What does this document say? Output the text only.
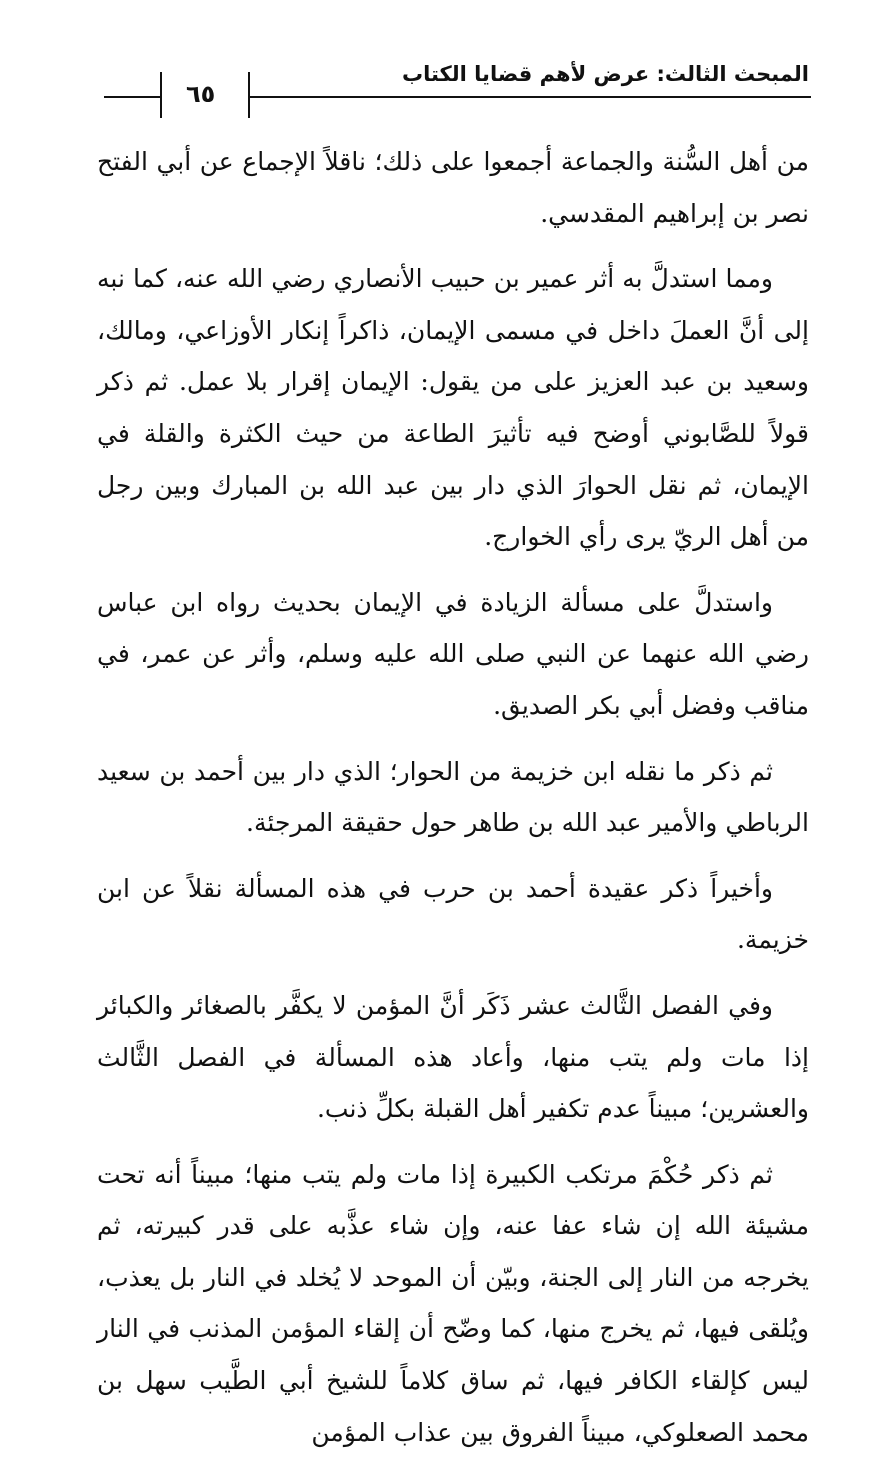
المبحث الثالث: عرض لأهم قضايا الكتاب
٦٥

من أهل السُّنة والجماعة أجمعوا على ذلك؛ ناقلاً الإجماع عن أبي الفتح نصر بن إبراهيم المقدسي.

ومما استدلَّ به أثر عمير بن حبيب الأنصاري رضي الله عنه، كما نبه إلى أنَّ العملَ داخل في مسمى الإيمان، ذاكراً إنكار الأوزاعي، ومالك، وسعيد بن عبد العزيز على من يقول: الإيمان إقرار بلا عمل. ثم ذكر قولاً للصَّابوني أوضح فيه تأثيرَ الطاعة من حيث الكثرة والقلة في الإيمان، ثم نقل الحوارَ الذي دار بين عبد الله بن المبارك وبين رجل من أهل الريّ يرى رأي الخوارج.

واستدلَّ على مسألة الزيادة في الإيمان بحديث رواه ابن عباس رضي الله عنهما عن النبي صلى الله عليه وسلم، وأثر عن عمر، في مناقب وفضل أبي بكر الصديق.

ثم ذكر ما نقله ابن خزيمة من الحوار؛ الذي دار بين أحمد بن سعيد الرباطي والأمير عبد الله بن طاهر حول حقيقة المرجئة.

وأخيراً ذكر عقيدة أحمد بن حرب في هذه المسألة نقلاً عن ابن خزيمة.

وفي الفصل الثَّالث عشر ذَكَر أنَّ المؤمن لا يكفَّر بالصغائر والكبائر إذا مات ولم يتب منها، وأعاد هذه المسألة في الفصل الثَّالث والعشرين؛ مبيناً عدم تكفير أهل القبلة بكلِّ ذنب.

ثم ذكر حُكْمَ مرتكب الكبيرة إذا مات ولم يتب منها؛ مبيناً أنه تحت مشيئة الله إن شاء عفا عنه، وإن شاء عذَّبه على قدر كبيرته، ثم يخرجه من النار إلى الجنة، وبيّن أن الموحد لا يُخلد في النار بل يعذب، ويُلقى فيها، ثم يخرج منها، كما وضّح أن إلقاء المؤمن المذنب في النار ليس كإلقاء الكافر فيها، ثم ساق كلاماً للشيخ أبي الطَّيب سهل بن محمد الصعلوكي، مبيناً الفروق بين عذاب المؤمن
